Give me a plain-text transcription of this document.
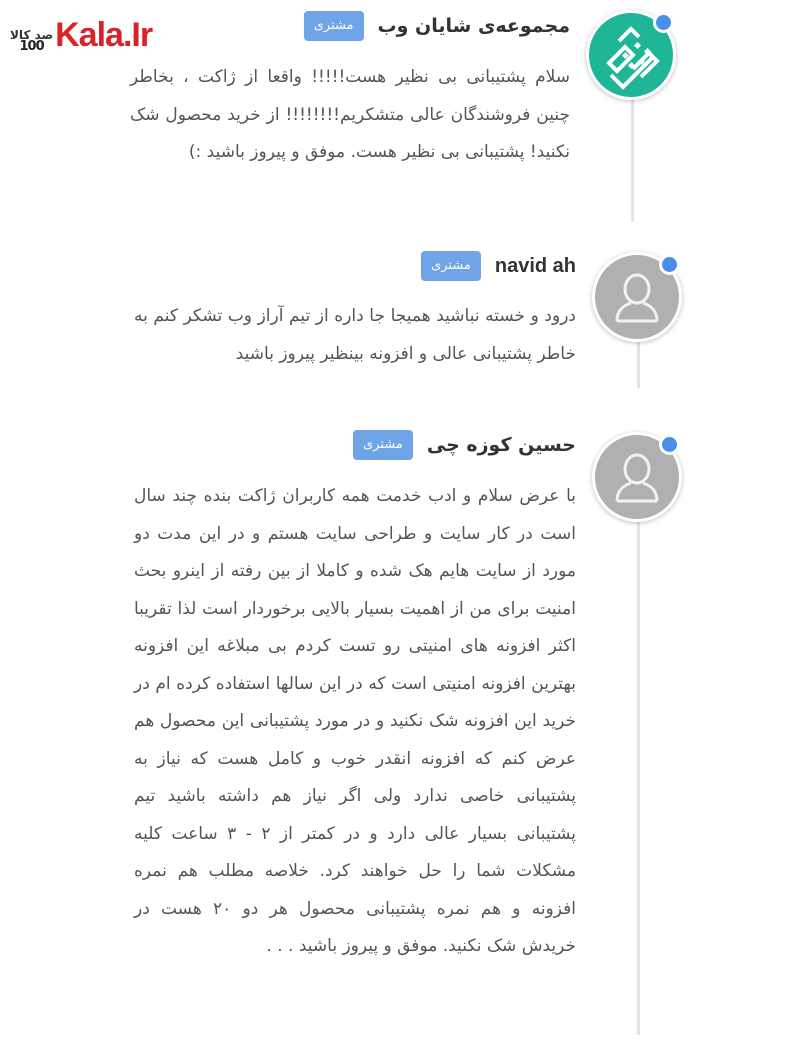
صد کالا
100 Kala.Ir	مجموعه‌ی شایان وب
مشتری
سلام پشتیبانی بی نظیر هست!!!!! واقعا از ژاکت ، بخاطر چنین فروشندگان عالی متشکریم!!!!!!!! از خرید محصول شک نکنید! پشتیبانی بی نظیر هست. موفق و پیروز باشید :)
navid ah
مشتری
درود و خسته نباشید همیجا جا داره از تیم آراز وب تشکر کنم به خاطر پشتیبانی عالی و افزونه بینظیر پیروز باشید
حسین کوزه چی
مشتری
با عرض سلام و ادب خدمت همه کاربران ژاکت بنده چند سال است در کار سایت و طراحی سایت هستم و در این مدت دو مورد از سایت هایم هک شده و کاملا از بین رفته از اینرو بحث امنیت برای من از اهمیت بسیار بالایی برخوردار است لذا تقریبا اکثر افزونه های امنیتی رو تست کردم بی مبلاغه این افزونه بهترین افزونه امنیتی است که در این سالها استفاده کرده ام در خرید این افزونه شک نکنید و در مورد پشتیبانی این محصول هم عرض کنم که افزونه انقدر خوب و کامل هست که نیاز به پشتیبانی خاصی ندارد ولی اگر نیاز هم داشته باشید تیم پشتیبانی بسیار عالی دارد و در کمتر از ۲ - ۳ ساعت کلیه مشکلات شما را حل خواهند کرد. خلاصه مطلب هم نمره افزونه و هم نمره پشتیبانی محصول هر دو ۲۰ هست در خریدش شک نکنید. موفق و پیروز باشید . . .
